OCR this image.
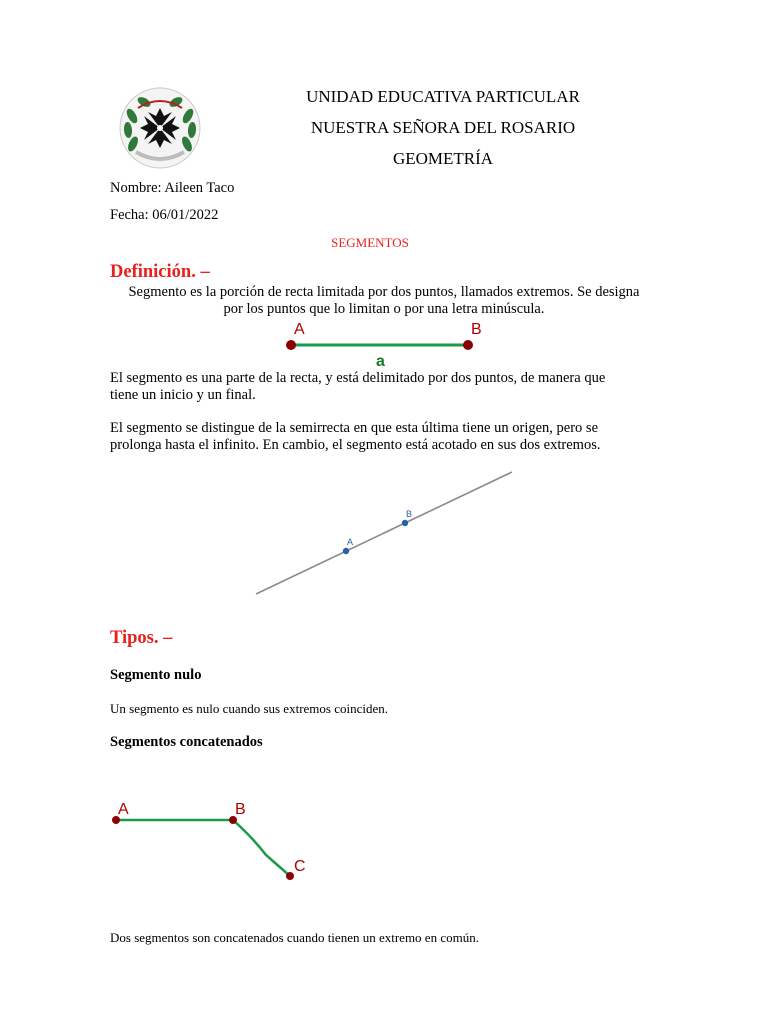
UNIDAD EDUCATIVA PARTICULAR
NUESTRA SEÑORA DEL ROSARIO
GEOMETRÍA
Nombre: Aileen Taco
Fecha: 06/01/2022
SEGMENTOS
Definición. –
Segmento es la porción de recta limitada por dos puntos, llamados extremos. Se designa
por los puntos que lo limitan o por una letra minúscula.
A	B
a
El segmento es una parte de la recta, y está delimitado por dos puntos, de manera que
tiene un inicio y un final.
El segmento se distingue de la semirrecta en que esta última tiene un origen, pero se
prolonga hasta el infinito. En cambio, el segmento está acotado en sus dos extremos.
A
B
Tipos. –
Segmento nulo
Un segmento es nulo cuando sus extremos coinciden.
Segmentos concatenados
A	B
C
Dos segmentos son concatenados cuando tienen un extremo en común.
